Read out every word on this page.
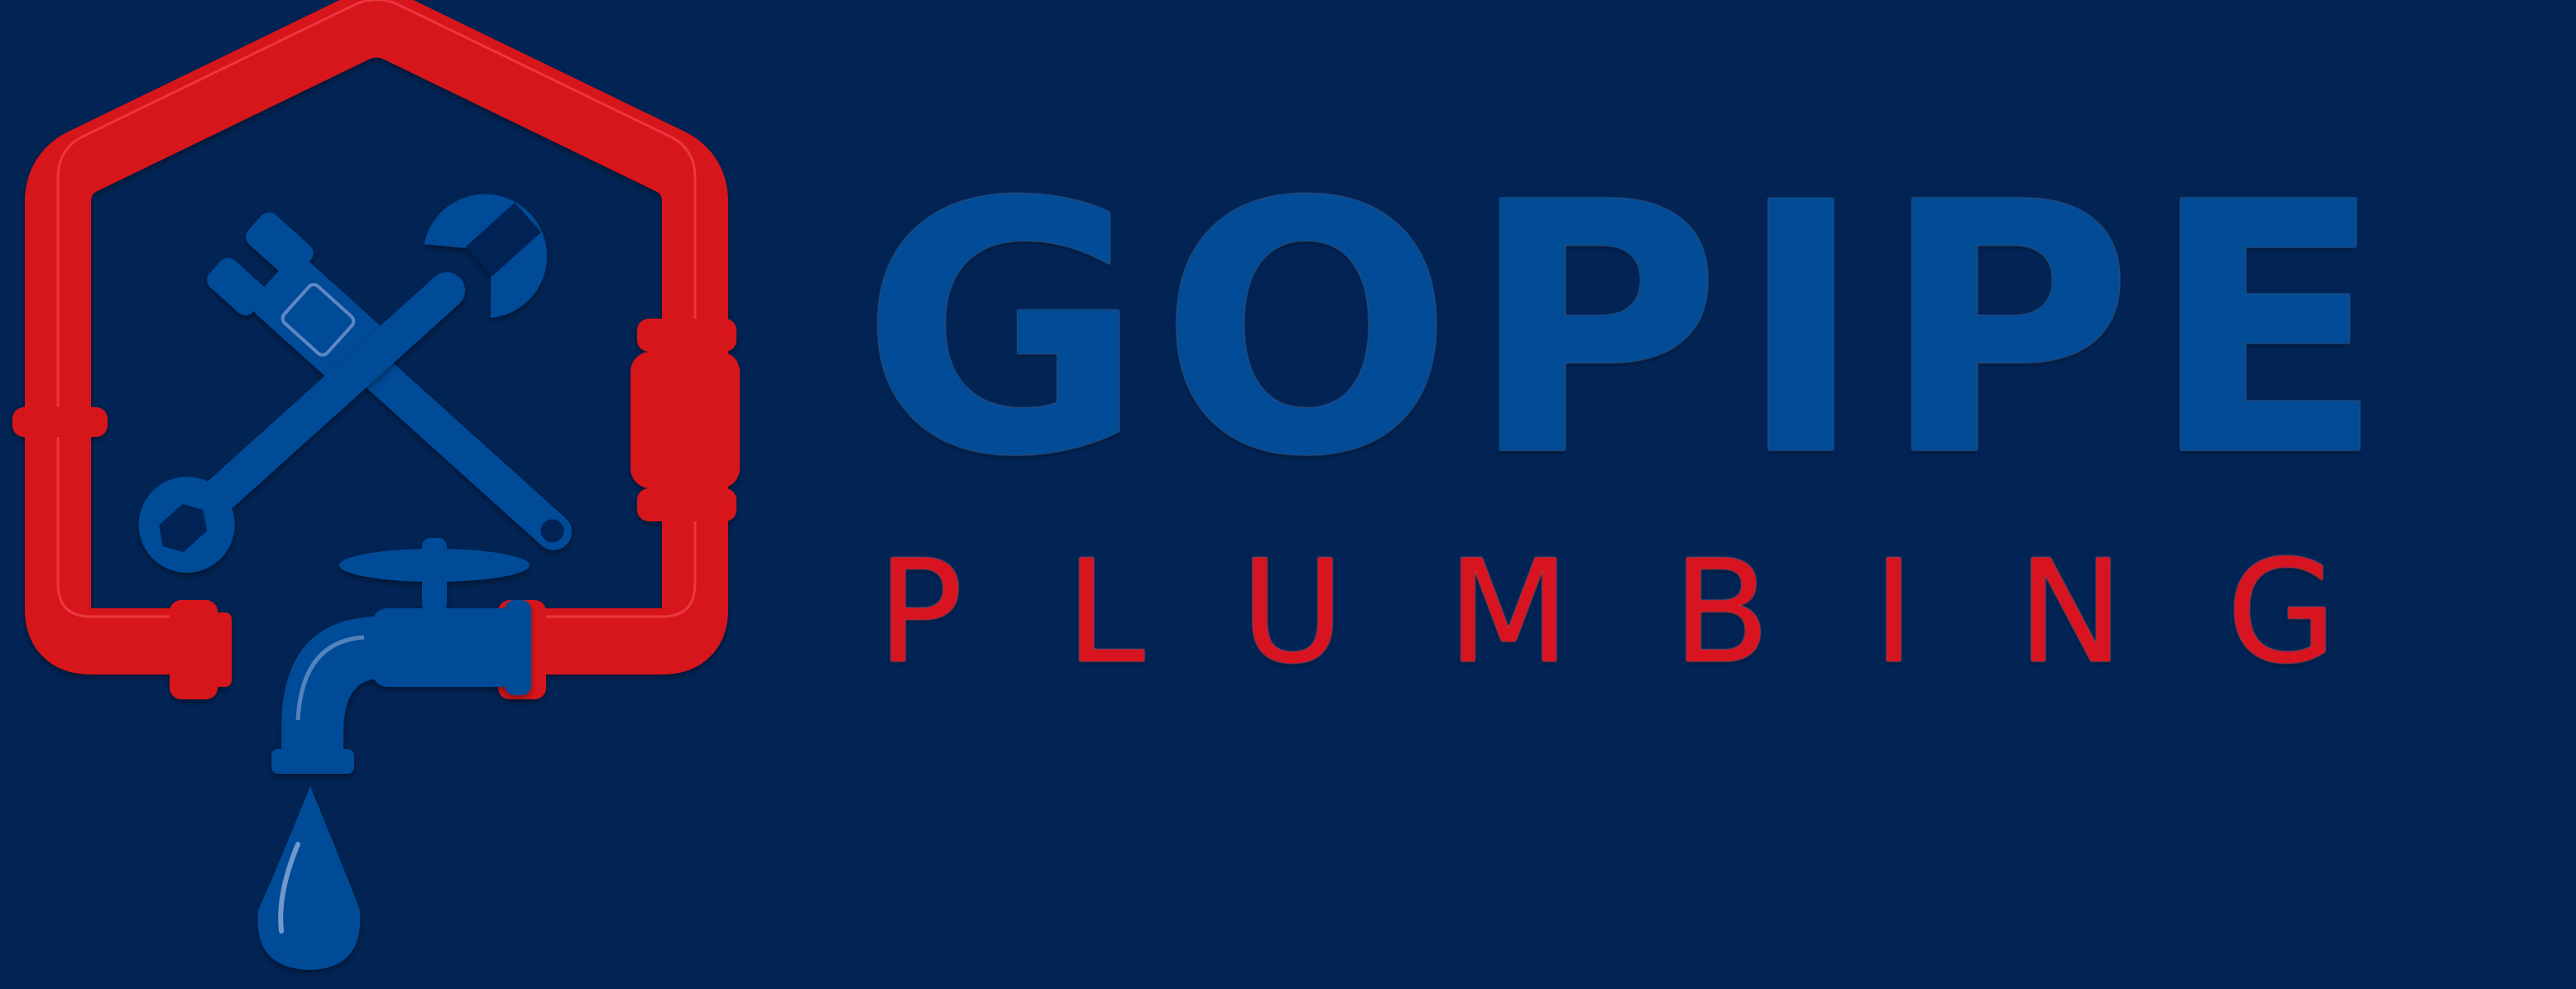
GOPIPE
PLUMBING
